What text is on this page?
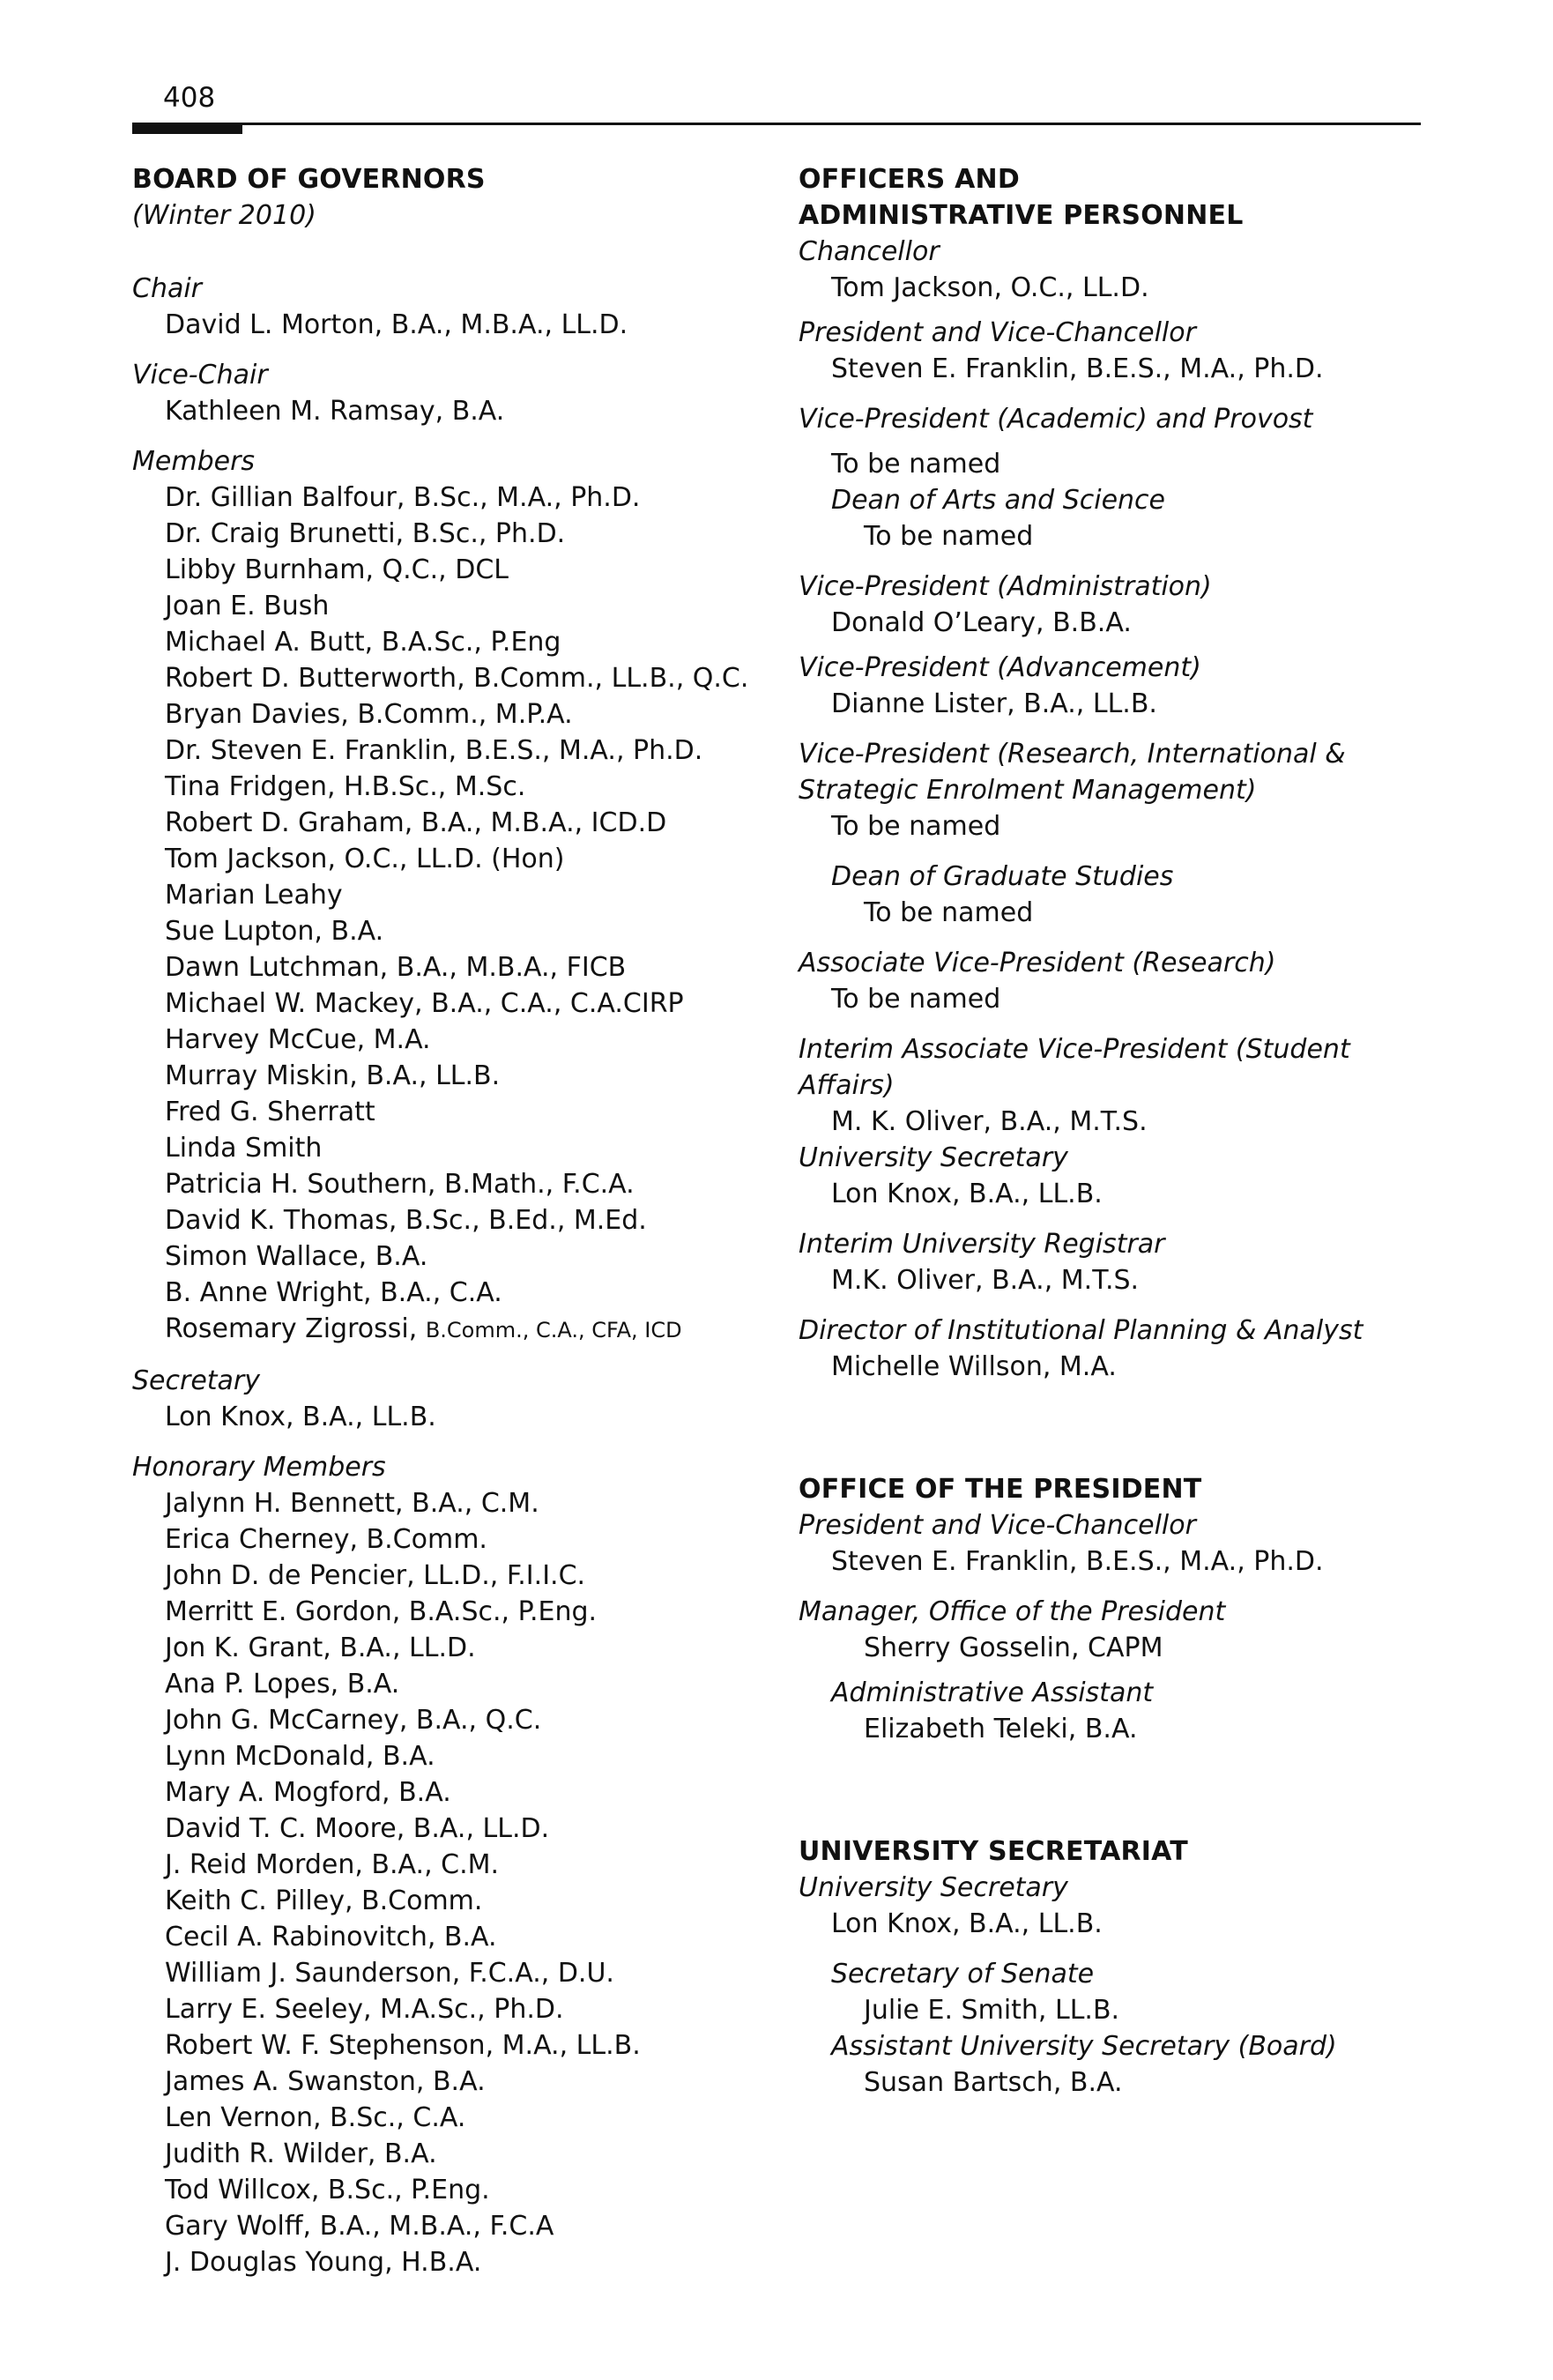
408
BOARD OF GOVERNORS
(Winter 2010)
Chair
David L. Morton, B.A., M.B.A., LL.D.
Vice-Chair
Kathleen M. Ramsay, B.A.
Members
Dr. Gillian Balfour, B.Sc., M.A., Ph.D.
Dr. Craig Brunetti, B.Sc., Ph.D.
Libby Burnham, Q.C., DCL
Joan E. Bush
Michael A. Butt, B.A.Sc., P.Eng
Robert D. Butterworth, B.Comm., LL.B., Q.C.
Bryan Davies, B.Comm., M.P.A.
Dr. Steven E. Franklin, B.E.S., M.A., Ph.D.
Tina Fridgen, H.B.Sc., M.Sc.
Robert D. Graham, B.A., M.B.A., ICD.D
Tom Jackson, O.C., LL.D. (Hon)
Marian Leahy
Sue Lupton, B.A.
Dawn Lutchman, B.A., M.B.A., FICB
Michael W. Mackey, B.A., C.A., C.A.CIRP
Harvey McCue, M.A.
Murray Miskin, B.A., LL.B.
Fred G. Sherratt
Linda Smith
Patricia H. Southern, B.Math., F.C.A.
David K. Thomas, B.Sc., B.Ed., M.Ed.
Simon Wallace, B.A.
B. Anne Wright, B.A., C.A.
Rosemary Zigrossi, B.Comm., C.A., CFA, ICD
Secretary
Lon Knox, B.A., LL.B.
Honorary Members
Jalynn H. Bennett, B.A., C.M.
Erica Cherney, B.Comm.
John D. de Pencier, LL.D., F.I.I.C.
Merritt E. Gordon, B.A.Sc., P.Eng.
Jon K. Grant, B.A., LL.D.
Ana P. Lopes, B.A.
John G. McCarney, B.A., Q.C.
Lynn McDonald, B.A.
Mary A. Mogford, B.A.
David T. C. Moore, B.A., LL.D.
J. Reid Morden, B.A., C.M.
Keith C. Pilley, B.Comm.
Cecil A. Rabinovitch, B.A.
William J. Saunderson, F.C.A., D.U.
Larry E. Seeley, M.A.Sc., Ph.D.
Robert W. F. Stephenson, M.A., LL.B.
James A. Swanston, B.A.
Len Vernon, B.Sc., C.A.
Judith R. Wilder, B.A.
Tod Willcox, B.Sc., P.Eng.
Gary Wolff, B.A., M.B.A., F.C.A
J. Douglas Young, H.B.A.
OFFICERS AND
ADMINISTRATIVE PERSONNEL
Chancellor
Tom Jackson, O.C., LL.D.
President and Vice-Chancellor
Steven E. Franklin, B.E.S., M.A., Ph.D.
Vice-President (Academic) and Provost
To be named
Dean of Arts and Science
To be named
Vice-President (Administration)
Donald O’Leary, B.B.A.
Vice-President (Advancement)
Dianne Lister, B.A., LL.B.
Vice-President (Research, International &
Strategic Enrolment Management)
To be named
Dean of Graduate Studies
To be named
Associate Vice-President (Research)
To be named
Interim Associate Vice-President (Student Affairs)
M. K. Oliver, B.A., M.T.S.
University Secretary
Lon Knox, B.A., LL.B.
Interim University Registrar
M.K. Oliver, B.A., M.T.S.
Director of Institutional Planning & Analyst
Michelle Willson, M.A.
OFFICE OF THE PRESIDENT
President and Vice-Chancellor
Steven E. Franklin, B.E.S., M.A., Ph.D.
Manager, Office of the President
Sherry Gosselin, CAPM
Administrative Assistant
Elizabeth Teleki, B.A.
UNIVERSITY SECRETARIAT
University Secretary
Lon Knox, B.A., LL.B.
Secretary of Senate
Julie E. Smith, LL.B.
Assistant University Secretary (Board)
Susan Bartsch, B.A.
